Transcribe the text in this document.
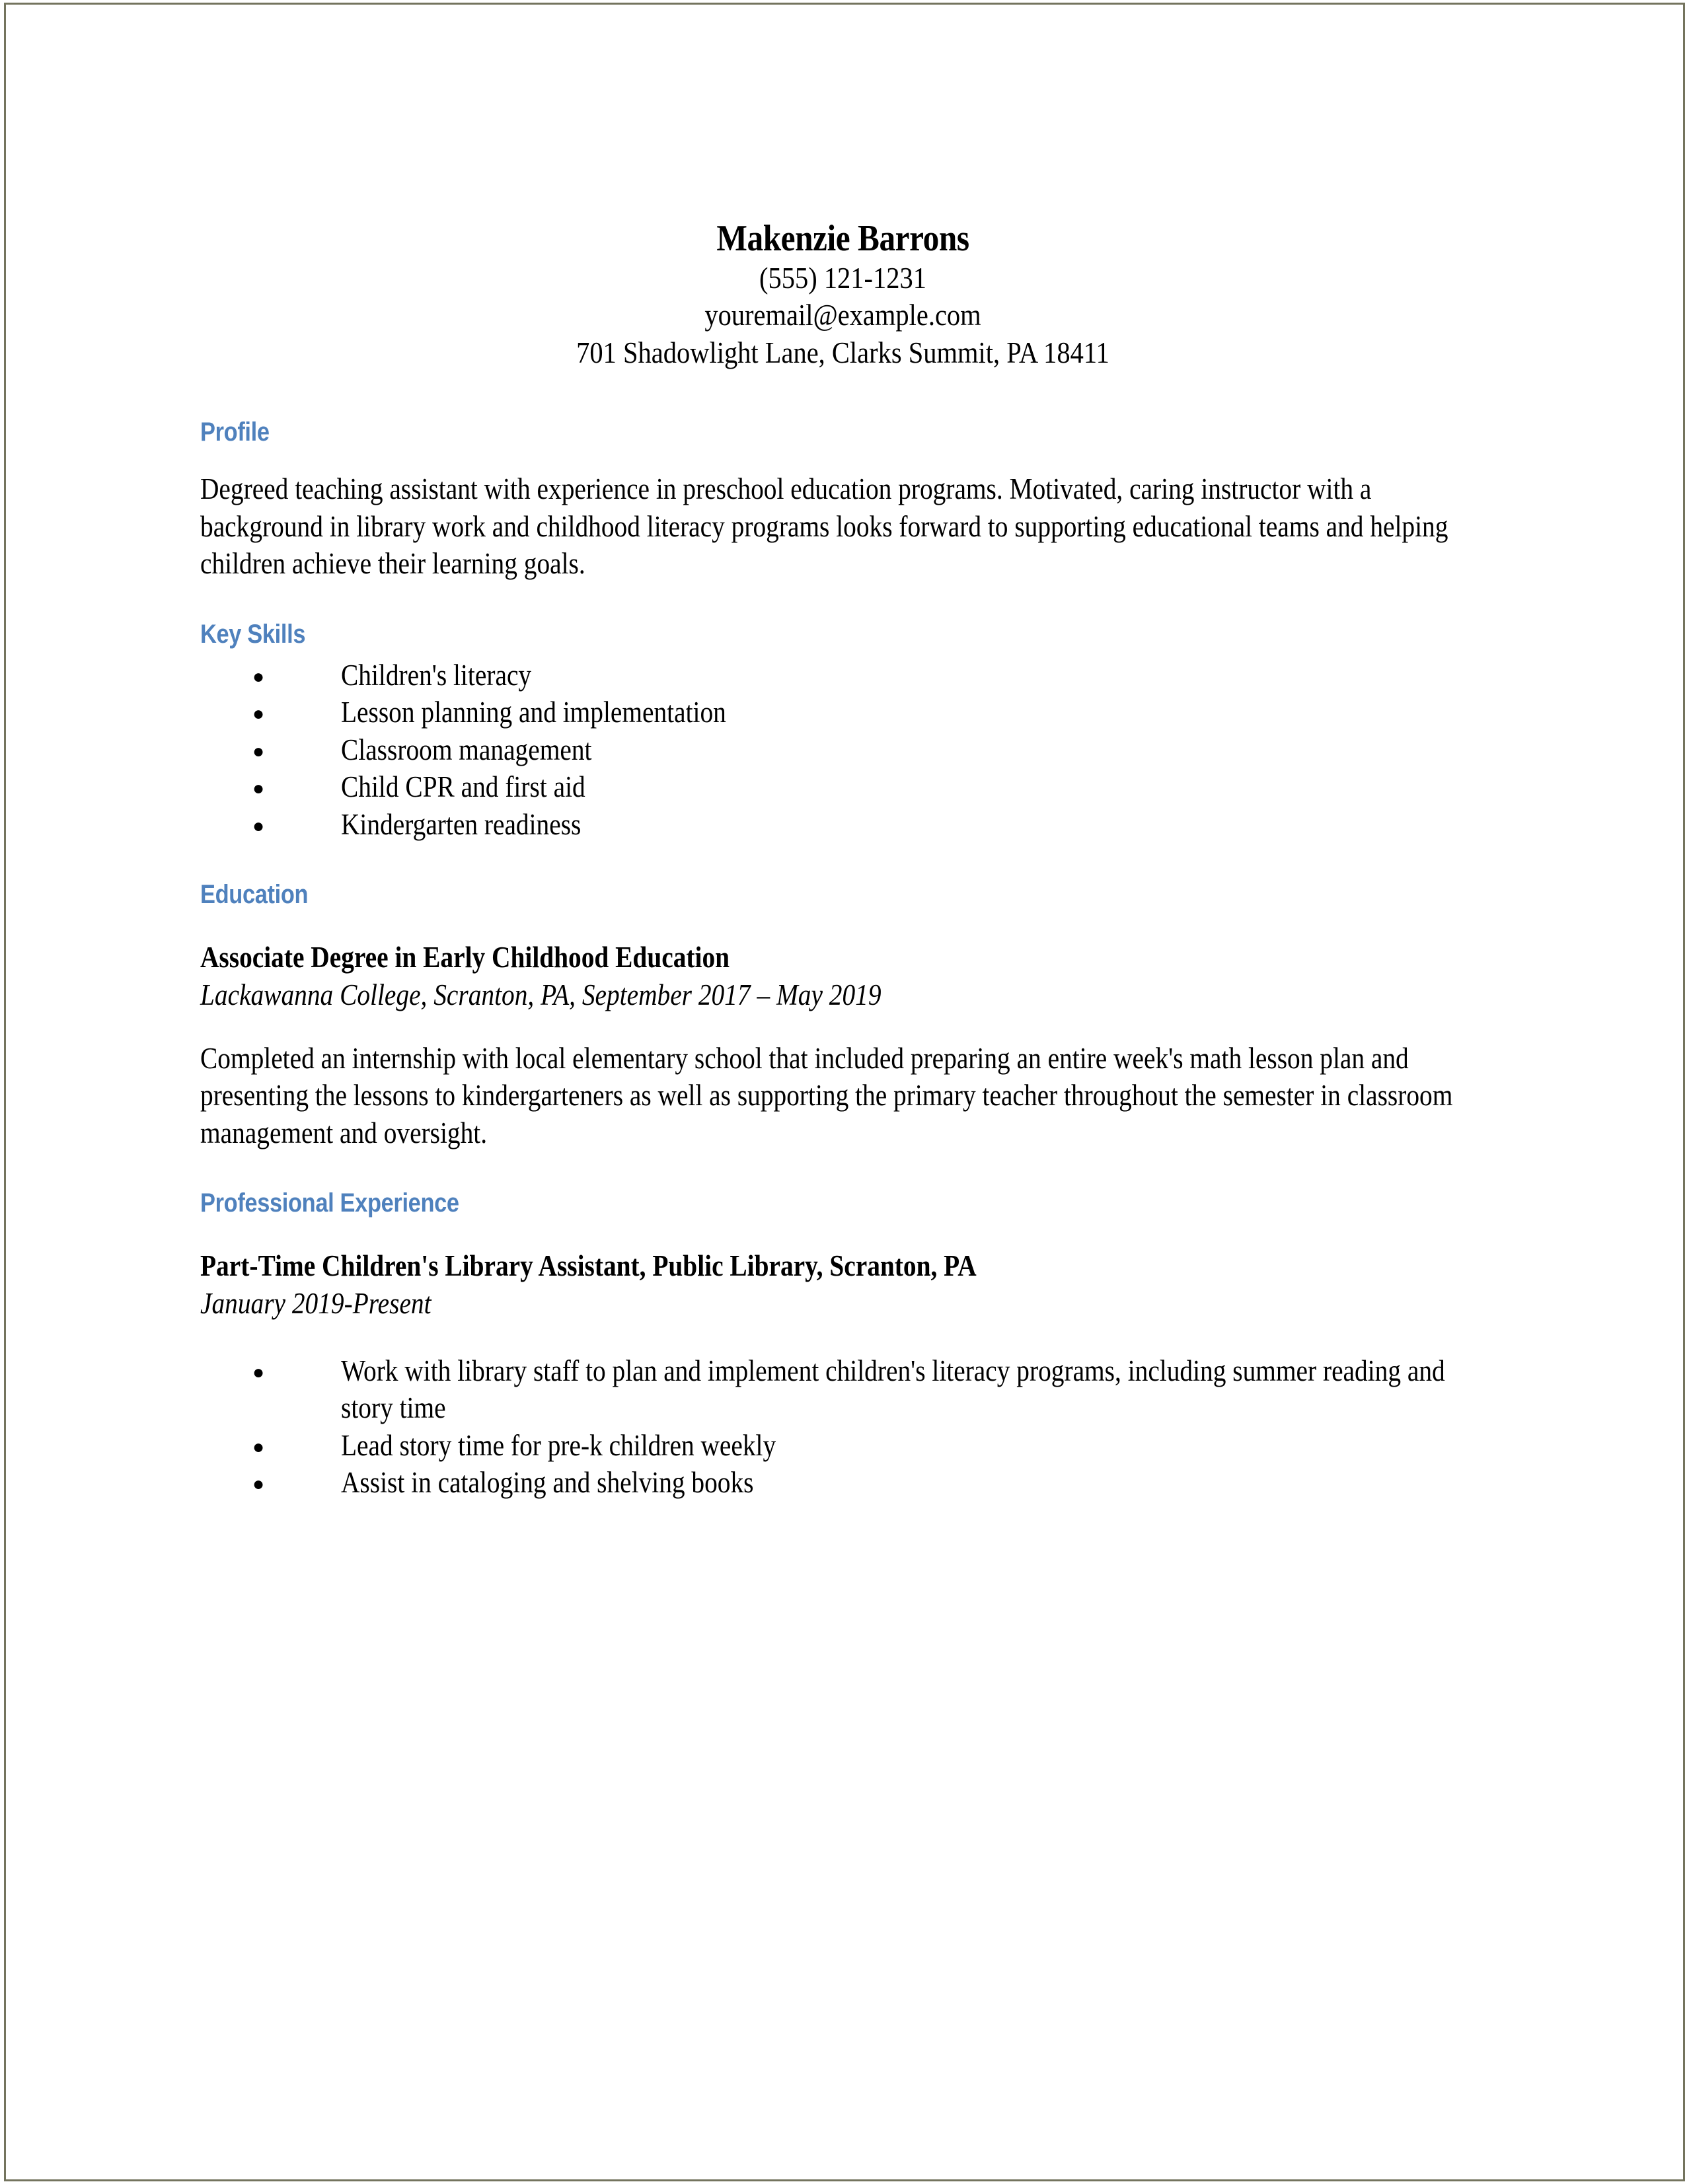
Makenzie Barrons
(555) 121-1231
youremail@example.com
701 Shadowlight Lane, Clarks Summit, PA 18411
Profile
Degreed teaching assistant with experience in preschool education programs. Motivated, caring instructor with a background in library work and childhood literacy programs looks forward to supporting educational teams and helping children achieve their learning goals.
Key Skills
●	Children's literacy
●	Lesson planning and implementation
●	Classroom management
●	Child CPR and first aid
●	Kindergarten readiness
Education
Associate Degree in Early Childhood Education
Lackawanna College, Scranton, PA, September 2017 – May 2019
Completed an internship with local elementary school that included preparing an entire week's math lesson plan and presenting the lessons to kindergarteners as well as supporting the primary teacher throughout the semester in classroom management and oversight.
Professional Experience
Part-Time Children's Library Assistant, Public Library, Scranton, PA
January 2019-Present
●	Work with library staff to plan and implement children's literacy programs, including summer reading and story time
●	Lead story time for pre-k children weekly
●	Assist in cataloging and shelving books
